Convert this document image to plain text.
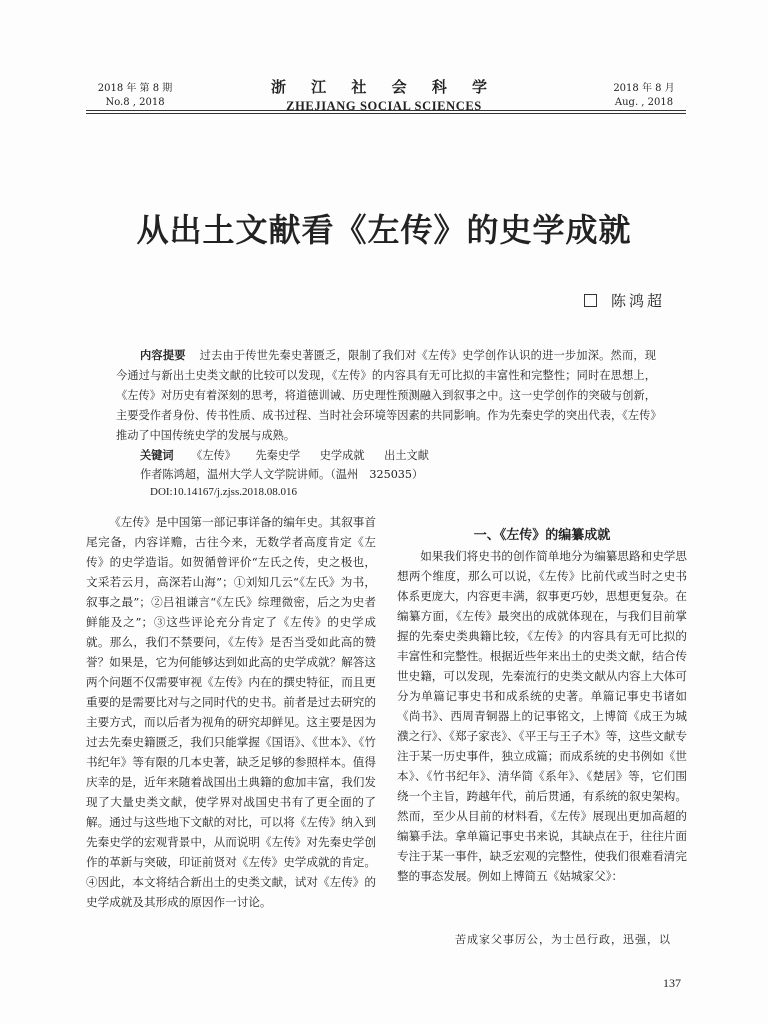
2018 年 第 8 期
No.8 , 2018
浙 江 社 会 科 学
ZHEJIANG SOCIAL SCIENCES
2018 年 8 月
Aug. , 2018
从出土文献看《左传》的史学成就
陈鸿超
内容提要 过去由于传世先秦史著匮乏，限制了我们对《左传》史学创作认识的进一步加深。然而，现今通过与新出土史类文献的比较可以发现，《左传》的内容具有无可比拟的丰富性和完整性；同时在思想上，《左传》对历史有着深刻的思考，将道德训诫、历史理性预测融入到叙事之中。这一史学创作的突破与创新，主要受作者身份、传书性质、成书过程、当时社会环境等因素的共同影响。作为先秦史学的突出代表，《左传》推动了中国传统史学的发展与成熟。
关键词 《左传》 先秦史学 史学成就 出土文献
作者陈鸿超，温州大学人文学院讲师。（温州　325035）
DOI:10.14167/j.zjss.2018.08.016
《左传》是中国第一部记事详备的编年史。其叙事首尾完备，内容详赡，古往今来，无数学者高度肯定《左传》的史学造诣。如贺循曾评价“左氏之传，史之极也，文采若云月，高深若山海”；①刘知几云“《左氏》为书，叙事之最”；②吕祖谦言“《左氏》综理微密，后之为史者鲜能及之”；③这些评论充分肯定了《左传》的史学成就。那么，我们不禁要问，《左传》是否当受如此高的赞誉？如果是，它为何能够达到如此高的史学成就？解答这两个问题不仅需要审视《左传》内在的撰史特征，而且更重要的是需要比对与之同时代的史书。前者是过去研究的主要方式，而以后者为视角的研究却鲜见。这主要是因为过去先秦史籍匮乏，我们只能掌握《国语》、《世本》、《竹书纪年》等有限的几本史著，缺乏足够的参照样本。值得庆幸的是，近年来随着战国出土典籍的愈加丰富，我们发现了大量史类文献，使学界对战国史书有了更全面的了解。通过与这些地下文献的对比，可以将《左传》纳入到先秦史学的宏观背景中，从而说明《左传》对先秦史学创作的革新与突破，印证前贤对《左传》史学成就的肯定。④因此，本文将结合新出土的史类文献，试对《左传》的史学成就及其形成的原因作一讨论。
一、《左传》的编纂成就
如果我们将史书的创作简单地分为编纂思路和史学思想两个维度，那么可以说，《左传》比前代或当时之史书体系更庞大，内容更丰满，叙事更巧妙，思想更复杂。在编纂方面，《左传》最突出的成就体现在，与我们目前掌握的先秦史类典籍比较，《左传》的内容具有无可比拟的丰富性和完整性。根据近些年来出土的史类文献，结合传世史籍，可以发现，先秦流行的史类文献从内容上大体可分为单篇记事史书和成系统的史著。单篇记事史书诸如《尚书》、西周青铜器上的记事铭文，上博简《成王为城濮之行》、《郑子家丧》、《平王与王子木》等，这些文献专注于某一历史事件，独立成篇；而成系统的史书例如《世本》、《竹书纪年》、清华简《系年》、《楚居》等，它们围绕一个主旨，跨越年代，前后贯通，有系统的叙史架构。然而，至少从目前的材料看，《左传》展现出更加高超的编纂手法。拿单篇记事史书来说，其缺点在于，往往片面专注于某一事件，缺乏宏观的完整性，使我们很难看清完整的事态发展。例如上博简五《姑城家父》：
苦成家父事厉公，为士邑行政，迅强，以
137
